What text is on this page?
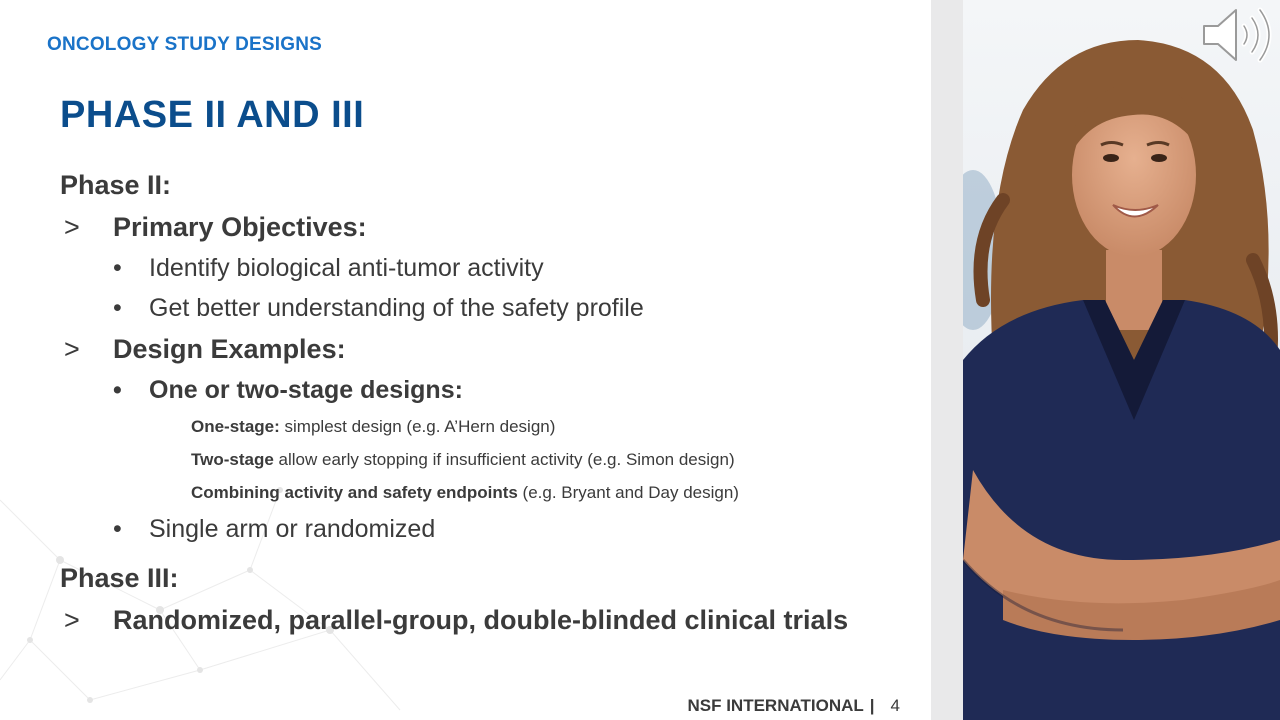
ONCOLOGY STUDY DESIGNS
PHASE II AND III
Phase II:
> Primary Objectives:
• Identify biological anti-tumor activity
• Get better understanding of the safety profile
> Design Examples:
• One or two-stage designs:
One-stage: simplest design (e.g. A’Hern design)
Two-stage allow early stopping if insufficient activity (e.g. Simon design)
Combining activity and safety endpoints (e.g. Bryant and Day design)
• Single arm or randomized
Phase III:
> Randomized, parallel-group, double-blinded clinical trials
NSF INTERNATIONAL | 4
